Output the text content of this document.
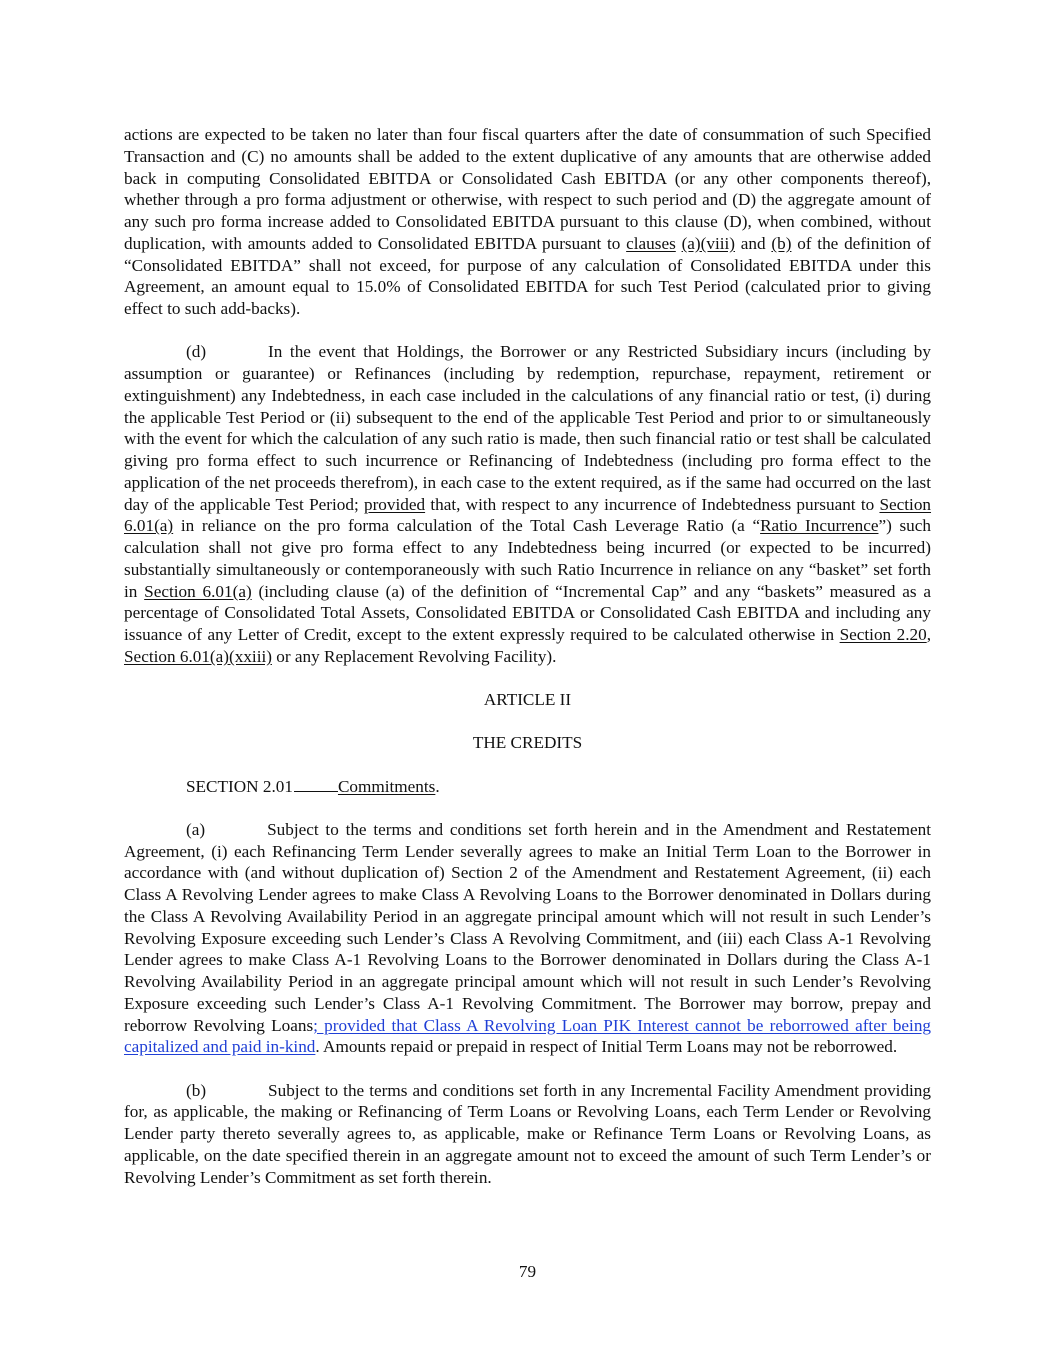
actions are expected to be taken no later than four fiscal quarters after the date of consummation of such Specified Transaction and (C) no amounts shall be added to the extent duplicative of any amounts that are otherwise added back in computing Consolidated EBITDA or Consolidated Cash EBITDA (or any other components thereof), whether through a pro forma adjustment or otherwise, with respect to such period and (D) the aggregate amount of any such pro forma increase added to Consolidated EBITDA pursuant to this clause (D), when combined, without duplication, with amounts added to Consolidated EBITDA pursuant to clauses (a)(viii) and (b) of the definition of “Consolidated EBITDA” shall not exceed, for purpose of any calculation of Consolidated EBITDA under this Agreement, an amount equal to 15.0% of Consolidated EBITDA for such Test Period (calculated prior to giving effect to such add-backs).

(d)	In the event that Holdings, the Borrower or any Restricted Subsidiary incurs (including by assumption or guarantee) or Refinances (including by redemption, repurchase, repayment, retirement or extinguishment) any Indebtedness, in each case included in the calculations of any financial ratio or test, (i) during the applicable Test Period or (ii) subsequent to the end of the applicable Test Period and prior to or simultaneously with the event for which the calculation of any such ratio is made, then such financial ratio or test shall be calculated giving pro forma effect to such incurrence or Refinancing of Indebtedness (including pro forma effect to the application of the net proceeds therefrom), in each case to the extent required, as if the same had occurred on the last day of the applicable Test Period; provided that, with respect to any incurrence of Indebtedness pursuant to Section 6.01(a) in reliance on the pro forma calculation of the Total Cash Leverage Ratio (a “Ratio Incurrence”) such calculation shall not give pro forma effect to any Indebtedness being incurred (or expected to be incurred) substantially simultaneously or contemporaneously with such Ratio Incurrence in reliance on any “basket” set forth in Section 6.01(a) (including clause (a) of the definition of “Incremental Cap” and any “baskets” measured as a percentage of Consolidated Total Assets, Consolidated EBITDA or Consolidated Cash EBITDA and including any issuance of any Letter of Credit, except to the extent expressly required to be calculated otherwise in Section 2.20, Section 6.01(a)(xxiii) or any Replacement Revolving Facility).

ARTICLE II

THE CREDITS

SECTION 2.01	Commitments.

(a)	Subject to the terms and conditions set forth herein and in the Amendment and Restatement Agreement, (i) each Refinancing Term Lender severally agrees to make an Initial Term Loan to the Borrower in accordance with (and without duplication of) Section 2 of the Amendment and Restatement Agreement, (ii) each Class A Revolving Lender agrees to make Class A Revolving Loans to the Borrower denominated in Dollars during the Class A Revolving Availability Period in an aggregate principal amount which will not result in such Lender’s Revolving Exposure exceeding such Lender’s Class A Revolving Commitment, and (iii) each Class A-1 Revolving Lender agrees to make Class A-1 Revolving Loans to the Borrower denominated in Dollars during the Class A-1 Revolving Availability Period in an aggregate principal amount which will not result in such Lender’s Revolving Exposure exceeding such Lender’s Class A-1 Revolving Commitment. The Borrower may borrow, prepay and reborrow Revolving Loans; provided that Class A Revolving Loan PIK Interest cannot be reborrowed after being capitalized and paid in-kind. Amounts repaid or prepaid in respect of Initial Term Loans may not be reborrowed.

(b)	Subject to the terms and conditions set forth in any Incremental Facility Amendment providing for, as applicable, the making or Refinancing of Term Loans or Revolving Loans, each Term Lender or Revolving Lender party thereto severally agrees to, as applicable, make or Refinance Term Loans or Revolving Loans, as applicable, on the date specified therein in an aggregate amount not to exceed the amount of such Term Lender’s or Revolving Lender’s Commitment as set forth therein.

79
